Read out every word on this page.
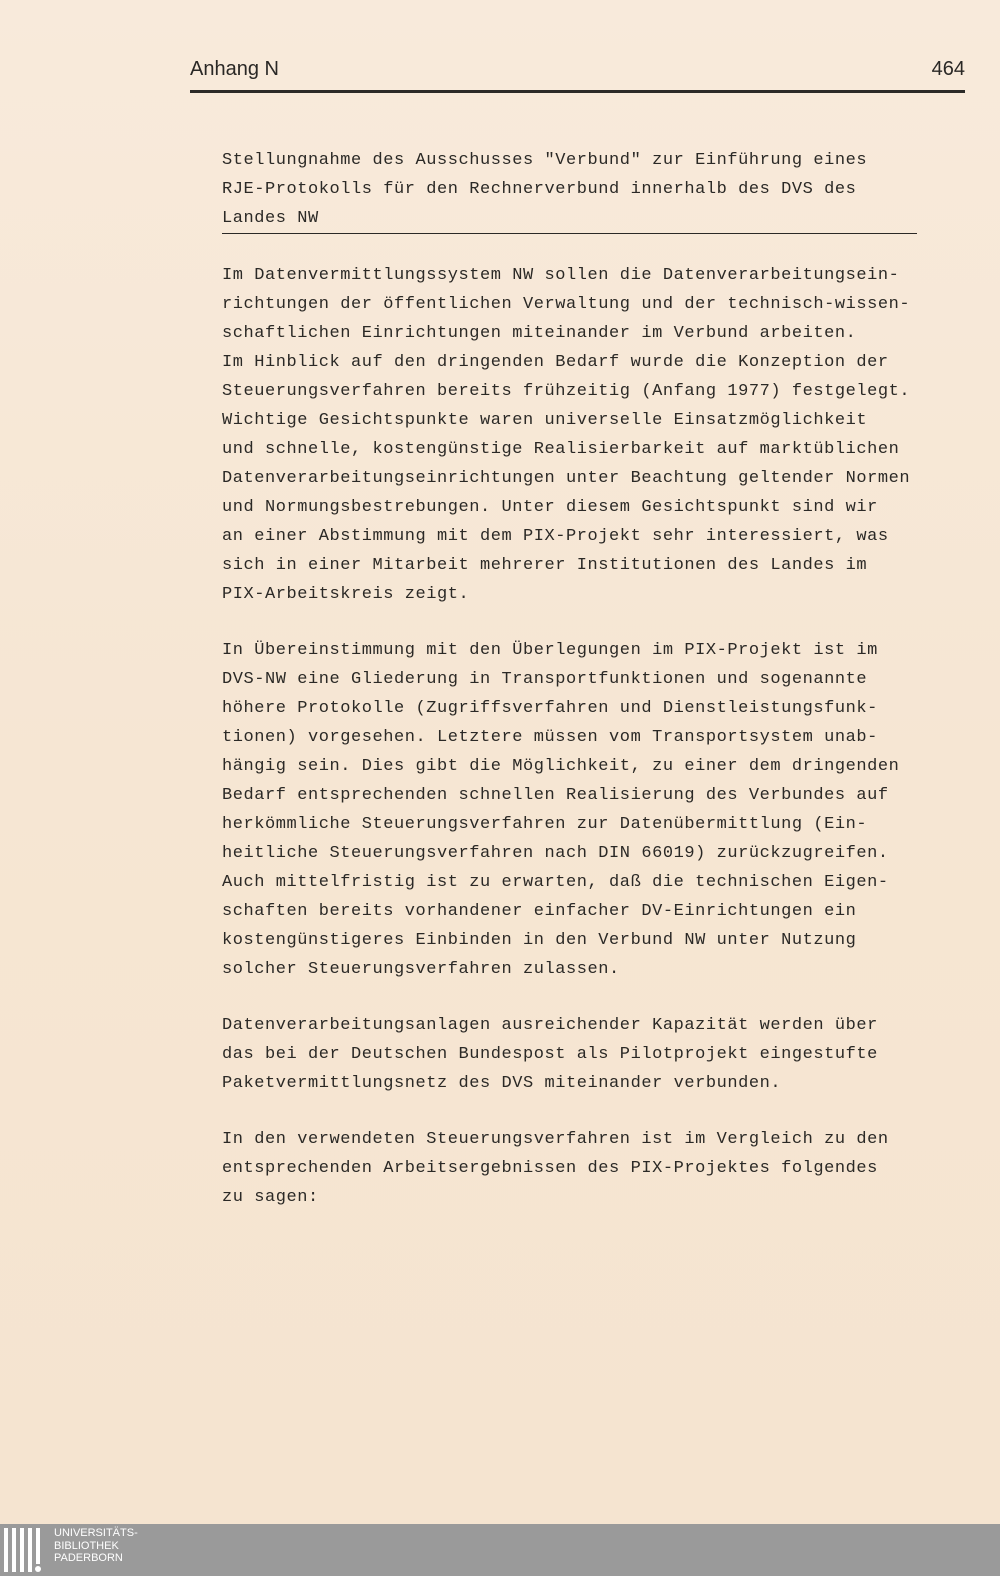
Anhang N	464
Stellungnahme des Ausschusses "Verbund" zur Einführung eines
RJE-Protokolls für den Rechnerverbund innerhalb des DVS des
Landes NW
Im Datenvermittlungssystem NW sollen die Datenverarbeitungsein-
richtungen der öffentlichen Verwaltung und der technisch-wissen-
schaftlichen Einrichtungen miteinander im Verbund arbeiten.
Im Hinblick auf den dringenden Bedarf wurde die Konzeption der
Steuerungsverfahren bereits frühzeitig (Anfang 1977) festgelegt.
Wichtige Gesichtspunkte waren universelle Einsatzmöglichkeit
und schnelle, kostengünstige Realisierbarkeit auf marktüblichen
Datenverarbeitungseinrichtungen unter Beachtung geltender Normen
und Normungsbestrebungen. Unter diesem Gesichtspunkt sind wir
an einer Abstimmung mit dem PIX-Projekt sehr interessiert, was
sich in einer Mitarbeit mehrerer Institutionen des Landes im
PIX-Arbeitskreis zeigt.
In Übereinstimmung mit den Überlegungen im PIX-Projekt ist im
DVS-NW eine Gliederung in Transportfunktionen und sogenannte
höhere Protokolle (Zugriffsverfahren und Dienstleistungsfunk-
tionen) vorgesehen. Letztere müssen vom Transportsystem unab-
hängig sein. Dies gibt die Möglichkeit, zu einer dem dringenden
Bedarf entsprechenden schnellen Realisierung des Verbundes auf
herkömmliche Steuerungsverfahren zur Datenübermittlung (Ein-
heitliche Steuerungsverfahren nach DIN 66019) zurückzugreifen.
Auch mittelfristig ist zu erwarten, daß die technischen Eigen-
schaften bereits vorhandener einfacher DV-Einrichtungen ein
kostengünstigeres Einbinden in den Verbund NW unter Nutzung
solcher Steuerungsverfahren zulassen.
Datenverarbeitungsanlagen ausreichender Kapazität werden über
das bei der Deutschen Bundespost als Pilotprojekt eingestufte
Paketvermittlungsnetz des DVS miteinander verbunden.
In den verwendeten Steuerungsverfahren ist im Vergleich zu den
entsprechenden Arbeitsergebnissen des PIX-Projektes folgendes
zu sagen:
UNIVERSITÄTS-
BIBLIOTHEK
PADERBORN
